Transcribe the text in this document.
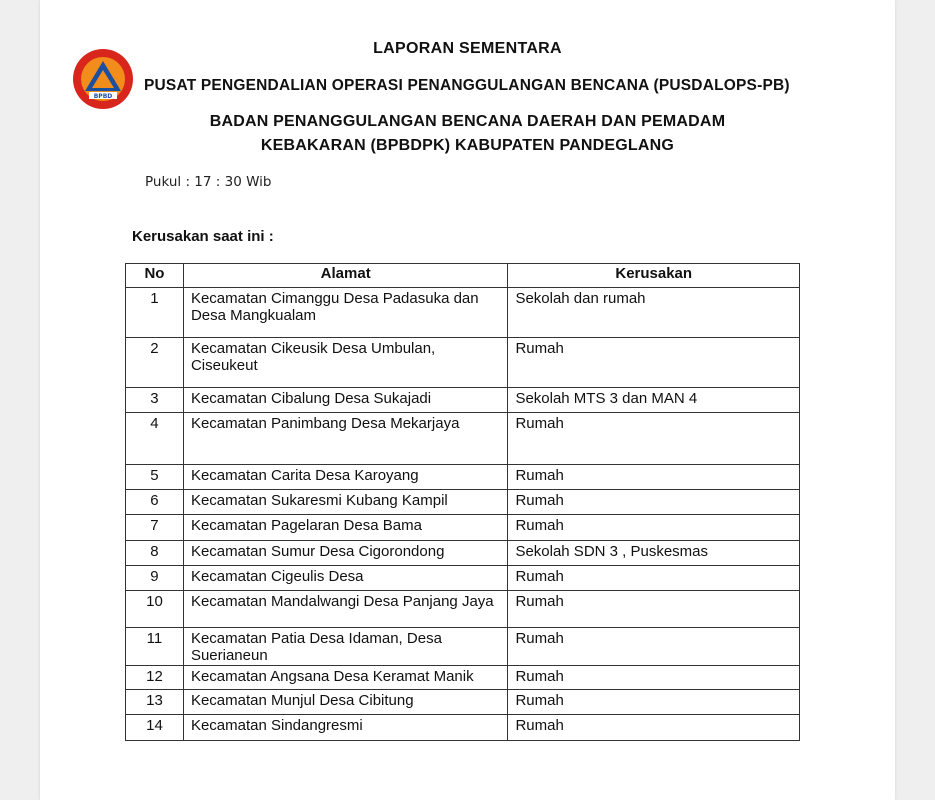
BPBD
LAPORAN SEMENTARA
PUSAT PENGENDALIAN OPERASI PENANGGULANGAN BENCANA (PUSDALOPS-PB)
BADAN PENANGGULANGAN BENCANA DAERAH DAN PEMADAM
KEBAKARAN (BPBDPK) KABUPATEN PANDEGLANG
Pukul : 17 : 30 Wib
Kerusakan saat ini :
No	Alamat	Kerusakan
1	Kecamatan Cimanggu Desa Padasuka dan Desa Mangkualam	Sekolah dan rumah
2	Kecamatan Cikeusik Desa Umbulan, Ciseukeut	Rumah
3	Kecamatan Cibalung Desa Sukajadi	Sekolah MTS 3 dan MAN 4
4	Kecamatan Panimbang Desa Mekarjaya	Rumah
5	Kecamatan Carita Desa Karoyang	Rumah
6	Kecamatan Sukaresmi Kubang Kampil	Rumah
7	Kecamatan Pagelaran Desa Bama	Rumah
8	Kecamatan Sumur Desa Cigorondong	Sekolah SDN 3 , Puskesmas
9	Kecamatan Cigeulis Desa	Rumah
10	Kecamatan Mandalwangi Desa Panjang Jaya	Rumah
11	Kecamatan Patia Desa Idaman, Desa Suerianeun	Rumah
12	Kecamatan Angsana Desa Keramat Manik	Rumah
13	Kecamatan Munjul Desa Cibitung	Rumah
14	Kecamatan Sindangresmi	Rumah
